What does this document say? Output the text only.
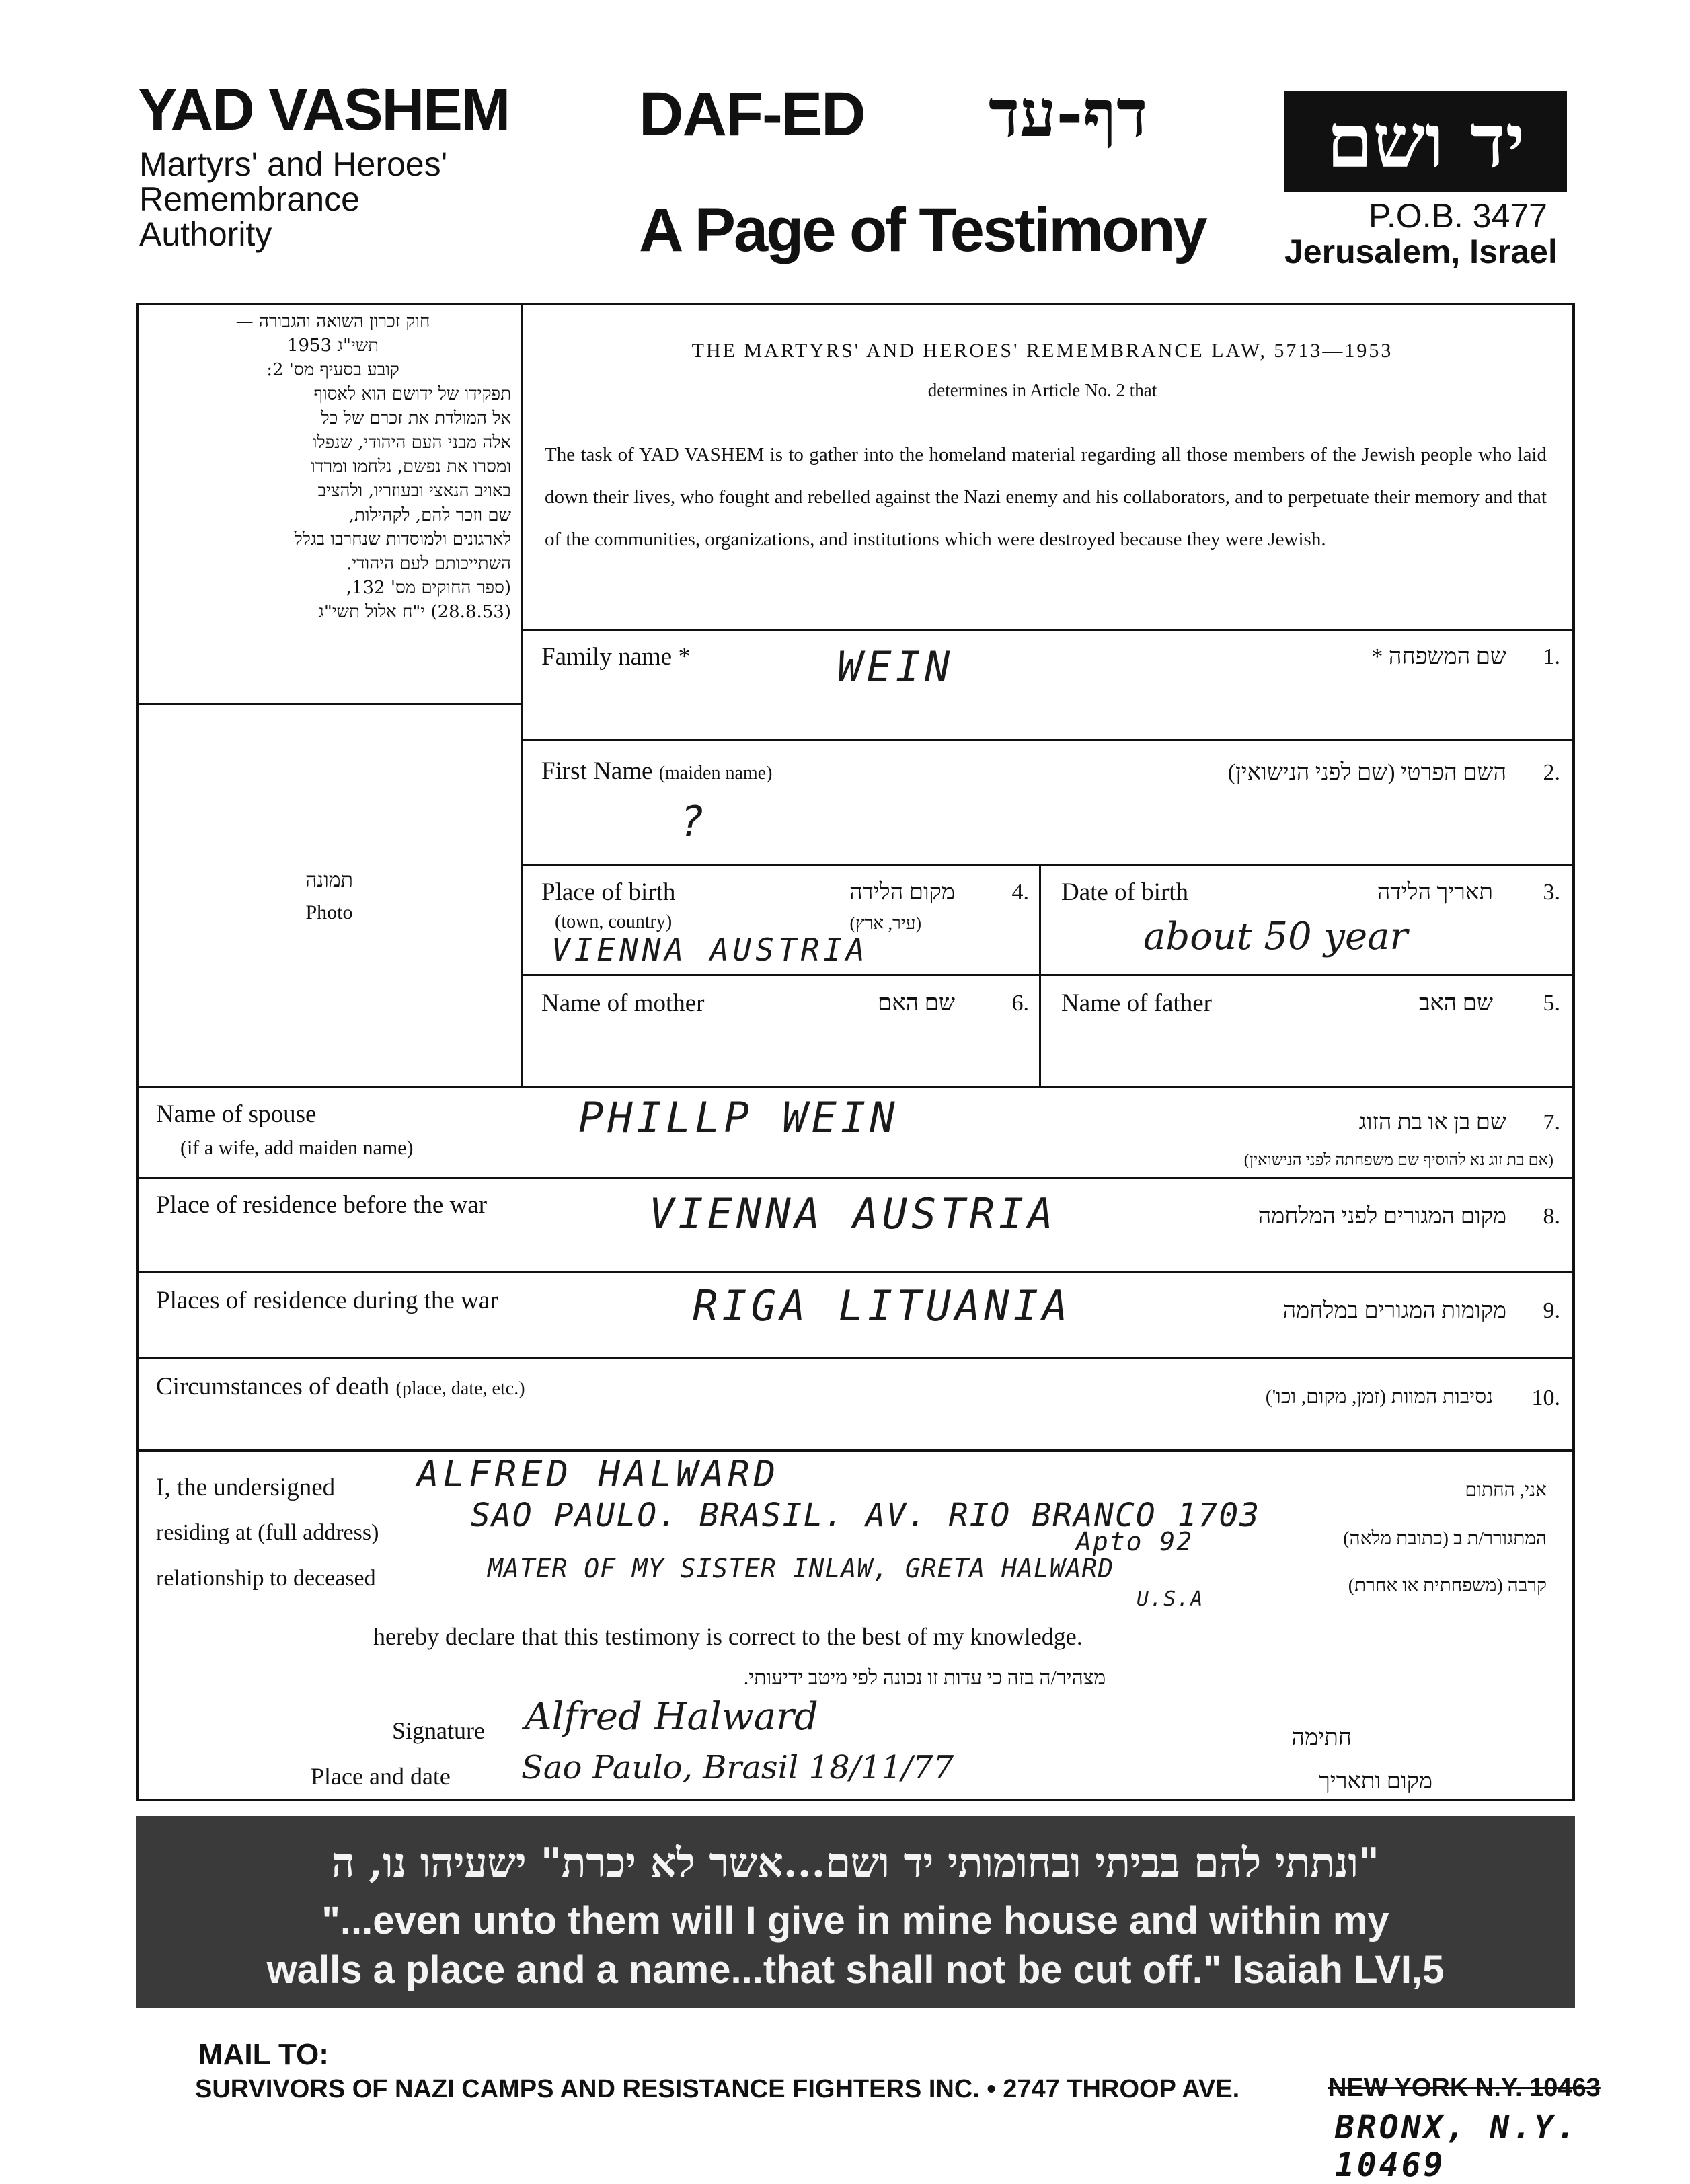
YAD VASHEM
Martyrs' and Heroes'
Remembrance
Authority
DAF-ED דף-עד
A Page of Testimony
יד ושם
P.O.B. 3477
Jerusalem, Israel
חוק זכרון השואה והגבורה —
תשי"ג 1953
קובע בסעיף מס' 2:
תפקידו של ידושם הוא לאסוף
אל המולדת את זכרם של כל
אלה מבני העם היהודי, שנפלו
ומסרו את נפשם, נלחמו ומרדו
באויב הנאצי ובעוזריו, ולהציב
שם וזכר להם, לקהילות,
לארגונים ולמוסדות שנחרבו בגלל
השתייכותם לעם היהודי.
(ספר החוקים מס' 132,
(28.8.53) י"ח אלול תשי"ג
THE MARTYRS' AND HEROES' REMEMBRANCE LAW, 5713—1953
determines in Article No. 2 that
The task of YAD VASHEM is to gather into the homeland material regarding all those members of the Jewish people who laid down their lives, who fought and rebelled against the Nazi enemy and his collaborators, and to perpetuate their memory and that of the communities, organizations, and institutions which were destroyed because they were Jewish.
תמונה
Photo
Family name *	שם המשפחה *	.1
WEIN
First Name (maiden name)	השם הפרטי (שם לפני הנישואין)	.2
?
Place of birth
(town, country)
מקום הלידה
(עיר, ארץ)
.4
VIENNA AUSTRIA
Date of birth	תאריך הלידה	.3
about 50 year
Name of mother	שם האם	.6 Name of father	שם האב	.5
Name of spouse
(if a wife, add maiden name)
שם בן או בת הזוג	.7
(אם בת זוג נא להוסיף שם משפחתה לפני הנישואין)
PHILLP WEIN
Place of residence before the war	מקום המגורים לפני המלחמה	.8
VIENNA AUSTRIA
Places of residence during the war	מקומות המגורים במלחמה	.9
RIGA LITUANIA
Circumstances of death (place, date, etc.)	נסיבות המוות (זמן, מקום, וכו')	.10
I, the undersigned ALFRED HALWARD	אני, החתום
residing at (full address)	SAO PAULO. BRASIL. AV. RIO BRANCO 1703
Apto 92	המתגורר/ת ב (כתובת מלאה)
relationship to deceased	MATER OF MY SISTER INLAW, GRETA HALWARD
U.S.A
קרבה (משפחתית או אחרת)
hereby declare that this testimony is correct to the best of my knowledge.
מצהיר/ה בזה כי עדות זו נכונה לפי מיטב ידיעותי.
Signature Alfred Halward	חתימה
Place and date Sao Paulo, Brasil 18/11/77	מקום ותאריך
"ונתתי להם בביתי ובחומותי יד ושם...אשר לא יכרת" ישעיהו נו, ה
"...even unto them will I give in mine house and within my
walls a place and a name...that shall not be cut off." Isaiah LVI,5
MAIL TO:
SURVIVORS OF NAZI CAMPS AND RESISTANCE FIGHTERS INC. • 2747 THROOP AVE.	NEW YORK N.Y. 10463
BRONX, N.Y. 10469
